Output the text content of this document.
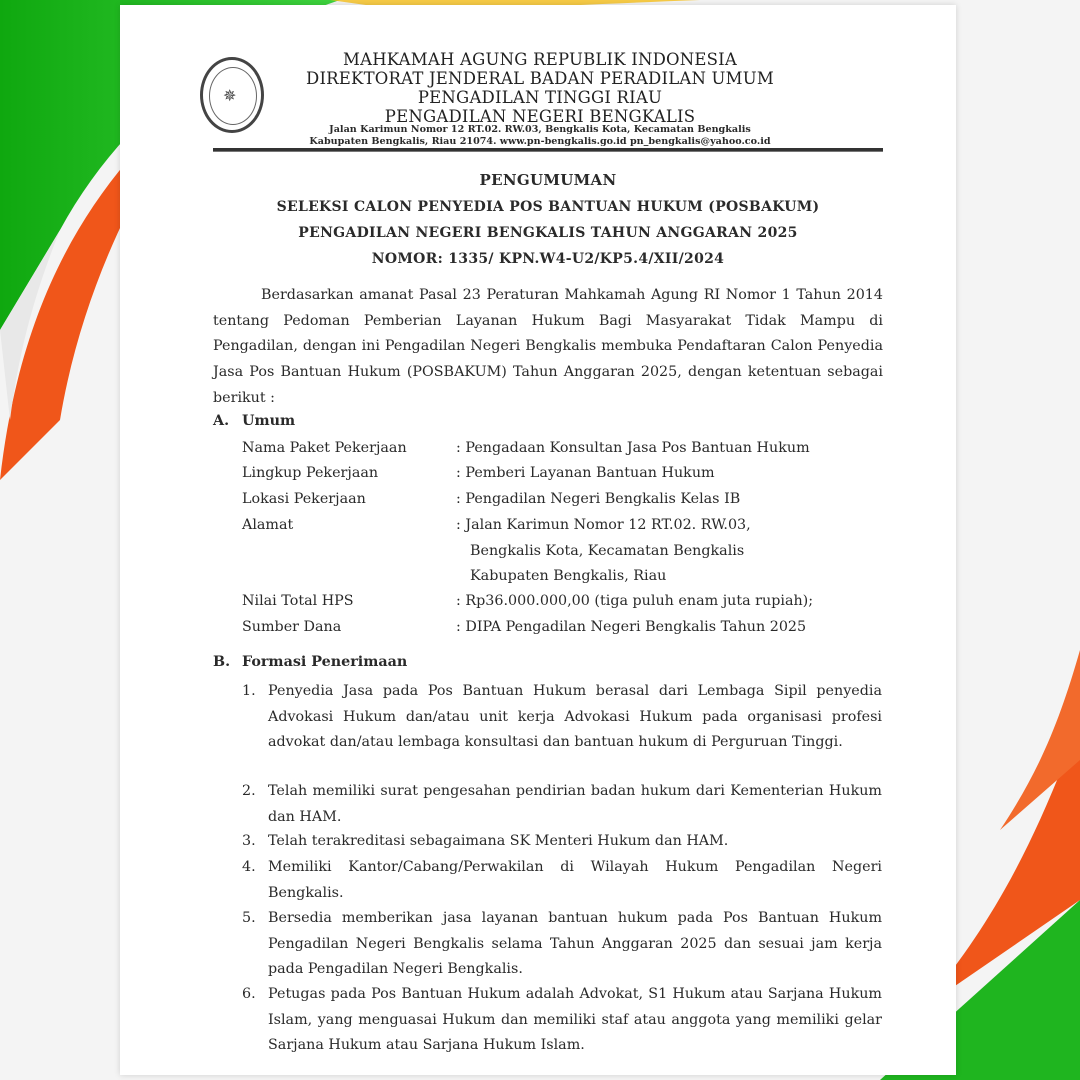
✵
MAHKAMAH AGUNG REPUBLIK INDONESIA
DIREKTORAT JENDERAL BADAN PERADILAN UMUM
PENGADILAN TINGGI RIAU
PENGADILAN NEGERI BENGKALIS
Jalan Karimun Nomor 12 RT.02. RW.03, Bengkalis Kota, Kecamatan Bengkalis
Kabupaten Bengkalis, Riau 21074. www.pn-bengkalis.go.id pn_bengkalis@yahoo.co.id
PENGUMUMAN
SELEKSI CALON PENYEDIA POS BANTUAN HUKUM (POSBAKUM)
PENGADILAN NEGERI BENGKALIS TAHUN ANGGARAN 2025
NOMOR: 1335/ KPN.W4-U2/KP5.4/XII/2024
Berdasarkan amanat Pasal 23 Peraturan Mahkamah Agung RI Nomor 1 Tahun 2014 tentang Pedoman Pemberian Layanan Hukum Bagi Masyarakat Tidak Mampu di Pengadilan, dengan ini Pengadilan Negeri Bengkalis membuka Pendaftaran Calon Penyedia Jasa Pos Bantuan Hukum (POSBAKUM) Tahun Anggaran 2025, dengan ketentuan sebagai berikut :
A. Umum
Nama Paket Pekerjaan	: Pengadaan Konsultan Jasa Pos Bantuan Hukum
Lingkup Pekerjaan	: Pemberi Layanan Bantuan Hukum
Lokasi Pekerjaan	: Pengadilan Negeri Bengkalis Kelas IB
Alamat	: Jalan Karimun Nomor 12 RT.02. RW.03,
Bengkalis Kota, Kecamatan Bengkalis
Kabupaten Bengkalis, Riau
Nilai Total HPS	: Rp36.000.000,00 (tiga puluh enam juta rupiah);
Sumber Dana	: DIPA Pengadilan Negeri Bengkalis Tahun 2025
B. Formasi Penerimaan
1. Penyedia Jasa pada Pos Bantuan Hukum berasal dari Lembaga Sipil penyedia Advokasi Hukum dan/atau unit kerja Advokasi Hukum pada organisasi profesi advokat dan/atau lembaga konsultasi dan bantuan hukum di Perguruan Tinggi.
2. Telah memiliki surat pengesahan pendirian badan hukum dari Kementerian Hukum dan HAM.
3. Telah terakreditasi sebagaimana SK Menteri Hukum dan HAM.
4. Memiliki Kantor/Cabang/Perwakilan di Wilayah Hukum Pengadilan Negeri Bengkalis.
5. Bersedia memberikan jasa layanan bantuan hukum pada Pos Bantuan Hukum Pengadilan Negeri Bengkalis selama Tahun Anggaran 2025 dan sesuai jam kerja pada Pengadilan Negeri Bengkalis.
6. Petugas pada Pos Bantuan Hukum adalah Advokat, S1 Hukum atau Sarjana Hukum Islam, yang menguasai Hukum dan memiliki staf atau anggota yang memiliki gelar Sarjana Hukum atau Sarjana Hukum Islam.
